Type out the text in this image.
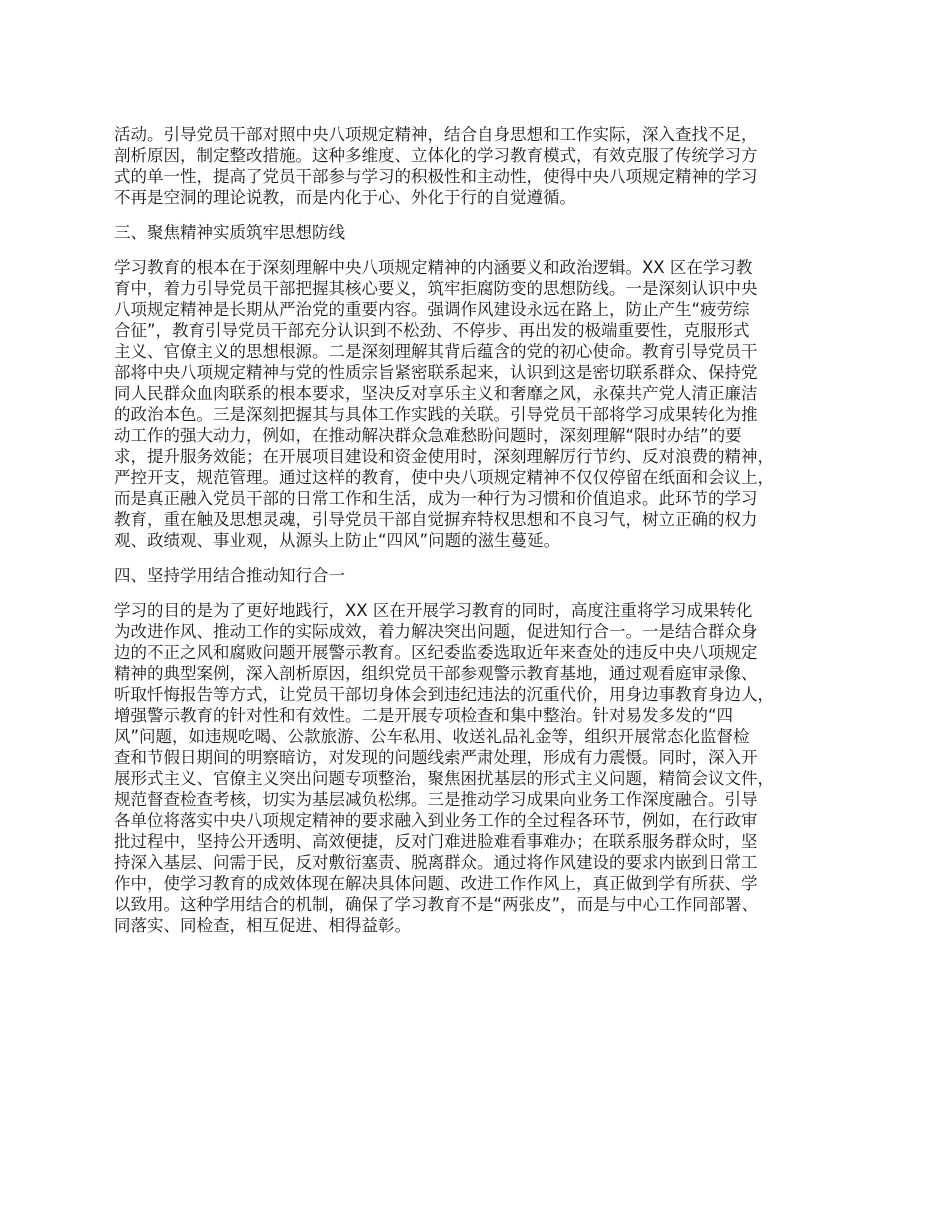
活动。引导党员干部对照中央八项规定精神，结合自身思想和工作实际，深入查找不足，
剖析原因，制定整改措施。这种多维度、立体化的学习教育模式，有效克服了传统学习方
式的单一性，提高了党员干部参与学习的积极性和主动性，使得中央八项规定精神的学习
不再是空洞的理论说教，而是内化于心、外化于行的自觉遵循。

三、聚焦精神实质筑牢思想防线

学习教育的根本在于深刻理解中央八项规定精神的内涵要义和政治逻辑。XX 区在学习教
育中，着力引导党员干部把握其核心要义，筑牢拒腐防变的思想防线。一是深刻认识中央
八项规定精神是长期从严治党的重要内容。强调作风建设永远在路上，防止产生“疲劳综
合征”，教育引导党员干部充分认识到不松劲、不停步、再出发的极端重要性，克服形式
主义、官僚主义的思想根源。二是深刻理解其背后蕴含的党的初心使命。教育引导党员干
部将中央八项规定精神与党的性质宗旨紧密联系起来，认识到这是密切联系群众、保持党
同人民群众血肉联系的根本要求，坚决反对享乐主义和奢靡之风，永葆共产党人清正廉洁
的政治本色。三是深刻把握其与具体工作实践的关联。引导党员干部将学习成果转化为推
动工作的强大动力，例如，在推动解决群众急难愁盼问题时，深刻理解“限时办结”的要
求，提升服务效能；在开展项目建设和资金使用时，深刻理解厉行节约、反对浪费的精神，
严控开支，规范管理。通过这样的教育，使中央八项规定精神不仅仅停留在纸面和会议上，
而是真正融入党员干部的日常工作和生活，成为一种行为习惯和价值追求。此环节的学习
教育，重在触及思想灵魂，引导党员干部自觉摒弃特权思想和不良习气，树立正确的权力
观、政绩观、事业观，从源头上防止“四风”问题的滋生蔓延。

四、坚持学用结合推动知行合一

学习的目的是为了更好地践行，XX 区在开展学习教育的同时，高度注重将学习成果转化
为改进作风、推动工作的实际成效，着力解决突出问题，促进知行合一。一是结合群众身
边的不正之风和腐败问题开展警示教育。区纪委监委选取近年来查处的违反中央八项规定
精神的典型案例，深入剖析原因，组织党员干部参观警示教育基地，通过观看庭审录像、
听取忏悔报告等方式，让党员干部切身体会到违纪违法的沉重代价，用身边事教育身边人，
增强警示教育的针对性和有效性。二是开展专项检查和集中整治。针对易发多发的“四
风”问题，如违规吃喝、公款旅游、公车私用、收送礼品礼金等，组织开展常态化监督检
查和节假日期间的明察暗访，对发现的问题线索严肃处理，形成有力震慑。同时，深入开
展形式主义、官僚主义突出问题专项整治，聚焦困扰基层的形式主义问题，精简会议文件，
规范督查检查考核，切实为基层减负松绑。三是推动学习成果向业务工作深度融合。引导
各单位将落实中央八项规定精神的要求融入到业务工作的全过程各环节，例如，在行政审
批过程中，坚持公开透明、高效便捷，反对门难进脸难看事难办；在联系服务群众时，坚
持深入基层、问需于民，反对敷衍塞责、脱离群众。通过将作风建设的要求内嵌到日常工
作中，使学习教育的成效体现在解决具体问题、改进工作作风上，真正做到学有所获、学
以致用。这种学用结合的机制，确保了学习教育不是“两张皮”，而是与中心工作同部署、
同落实、同检查，相互促进、相得益彰。
